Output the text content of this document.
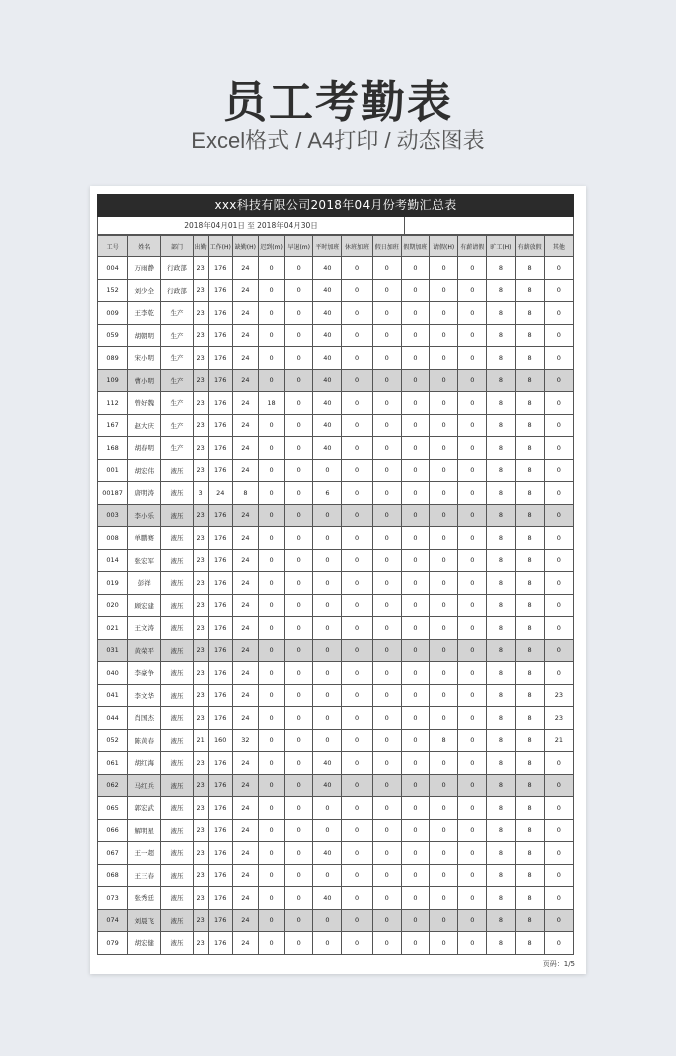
员工考勤表
Excel格式 / A4打印 / 动态图表
xxx科技有限公司2018年04月份考勤汇总表
2018年04月01日 至 2018年04月30日
工号	姓名	部门	出勤	工作(H)	缺勤(H)	迟到(m)	早退(m)	平时加班	休班加班	假日加班	假期加班	请假(H)	有薪请假	旷工(H)	有薪放假	其他
004	万雨静	行政部	23	176	24	0	0	40	0	0	0	0	0	8	8	0
152	刘少全	行政部	23	176	24	0	0	40	0	0	0	0	0	8	8	0
009	王李乾	生产	23	176	24	0	0	40	0	0	0	0	0	8	8	0
059	胡朝明	生产	23	176	24	0	0	40	0	0	0	0	0	8	8	0
089	宋小明	生产	23	176	24	0	0	40	0	0	0	0	0	8	8	0
109	曹小明	生产	23	176	24	0	0	40	0	0	0	0	0	8	8	0
112	曾好魏	生产	23	176	24	18	0	40	0	0	0	0	0	8	8	0
167	赵大庆	生产	23	176	24	0	0	40	0	0	0	0	0	8	8	0
168	胡春明	生产	23	176	24	0	0	40	0	0	0	0	0	8	8	0
001	胡宏伟	液压	23	176	24	0	0	0	0	0	0	0	0	8	8	0
00187	唐明涛	液压	3	24	8	0	0	6	0	0	0	0	0	8	8	0
003	李小乐	液压	23	176	24	0	0	0	0	0	0	0	0	8	8	0
008	单鹏赛	液压	23	176	24	0	0	0	0	0	0	0	0	8	8	0
014	张宏军	液压	23	176	24	0	0	0	0	0	0	0	0	8	8	0
019	彭祥	液压	23	176	24	0	0	0	0	0	0	0	0	8	8	0
020	顾宏建	液压	23	176	24	0	0	0	0	0	0	0	0	8	8	0
021	王文涛	液压	23	176	24	0	0	0	0	0	0	0	0	8	8	0
031	黄荣平	液压	23	176	24	0	0	0	0	0	0	0	0	8	8	0
040	李豪争	液压	23	176	24	0	0	0	0	0	0	0	0	8	8	0
041	李文华	液压	23	176	24	0	0	0	0	0	0	0	0	8	8	23
044	肖国杰	液压	23	176	24	0	0	0	0	0	0	0	0	8	8	23
052	陈黄春	液压	21	160	32	0	0	0	0	0	0	8	0	8	8	21
061	胡红海	液压	23	176	24	0	0	40	0	0	0	0	0	8	8	0
062	马红兵	液压	23	176	24	0	0	40	0	0	0	0	0	8	8	0
065	郭宏武	液压	23	176	24	0	0	0	0	0	0	0	0	8	8	0
066	解明星	液压	23	176	24	0	0	0	0	0	0	0	0	8	8	0
067	王一超	液压	23	176	24	0	0	40	0	0	0	0	0	8	8	0
068	王三春	液压	23	176	24	0	0	0	0	0	0	0	0	8	8	0
073	张秀廷	液压	23	176	24	0	0	40	0	0	0	0	0	8	8	0
074	刘晨飞	液压	23	176	24	0	0	0	0	0	0	0	0	8	8	0
079	胡宏健	液压	23	176	24	0	0	0	0	0	0	0	0	8	8	0
页码：1/5
